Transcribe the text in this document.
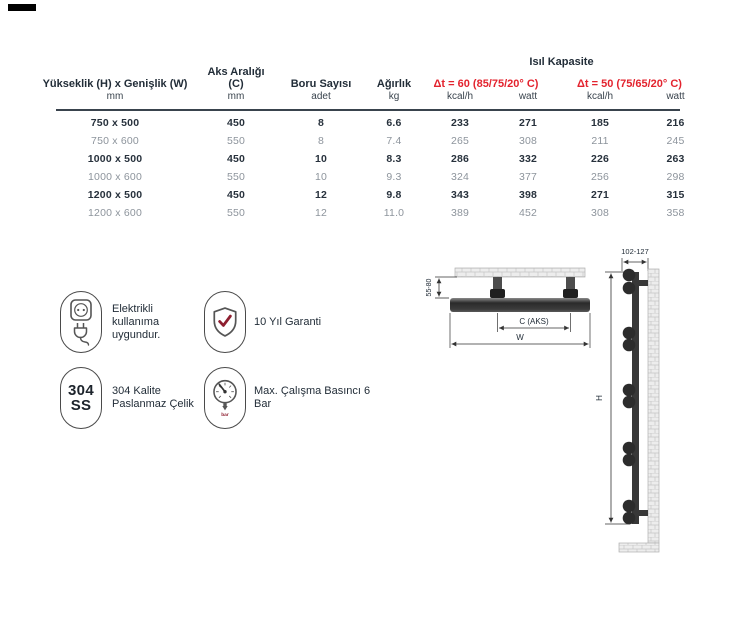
Isıl Kapasite
Yükseklik (H) x Genişlik (W)
Aks Aralığı (C)	Boru Sayısı	Ağırlık	Δt = 60 (85/75/20° C)	Δt = 50 (75/65/20° C)
mm	mm	adet	kg	kcal/h	watt	kcal/h	watt
750 x 500	450	8	6.6	233	271	185	216
750 x 600	550	8	7.4	265	308	211	245
1000 x 500	450	10	8.3	286	332	226	263
1000 x 600	550	10	9.3	324	377	256	298
1200 x 500	450	12	9.8	343	398	271	315
1200 x 600	550	12	11.0	389	452	308	358
Elektrikli kullanıma uygundur.
10 Yıl Garanti
304
SS
304 Kalite Paslanmaz Çelik
bar
Max. Çalışma Basıncı 6 Bar
55-80
C (AKS)
W
102-127
H
